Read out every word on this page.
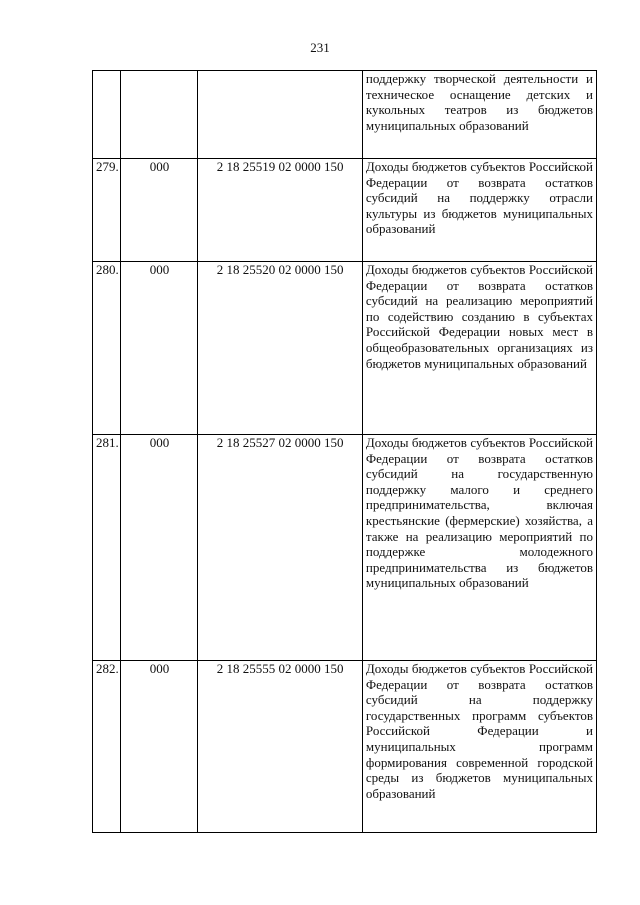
231
			поддержку творческой деятельности и техническое оснащение детских и кукольных театров из бюджетов муниципальных образований
279.	000	2 18 25519 02 0000 150	Доходы бюджетов субъектов Российской Федерации от возврата остатков субсидий на поддержку отрасли культуры из бюджетов муниципальных образований
280.	000	2 18 25520 02 0000 150	Доходы бюджетов субъектов Российской Федерации от возврата остатков субсидий на реализацию мероприятий по содействию созданию в субъектах Российской Федерации новых мест в общеобразовательных организациях из бюджетов муниципальных образований
281.	000	2 18 25527 02 0000 150	Доходы бюджетов субъектов Российской Федерации от возврата остатков субсидий на государственную поддержку малого и среднего предпринимательства, включая крестьянские (фермерские) хозяйства, а также на реализацию мероприятий по поддержке молодежного предпринимательства из бюджетов муниципальных образований
282.	000	2 18 25555 02 0000 150	Доходы бюджетов субъектов Российской Федерации от возврата остатков субсидий на поддержку государственных программ субъектов Российской Федерации и муниципальных программ формирования современной городской среды из бюджетов муниципальных образований
